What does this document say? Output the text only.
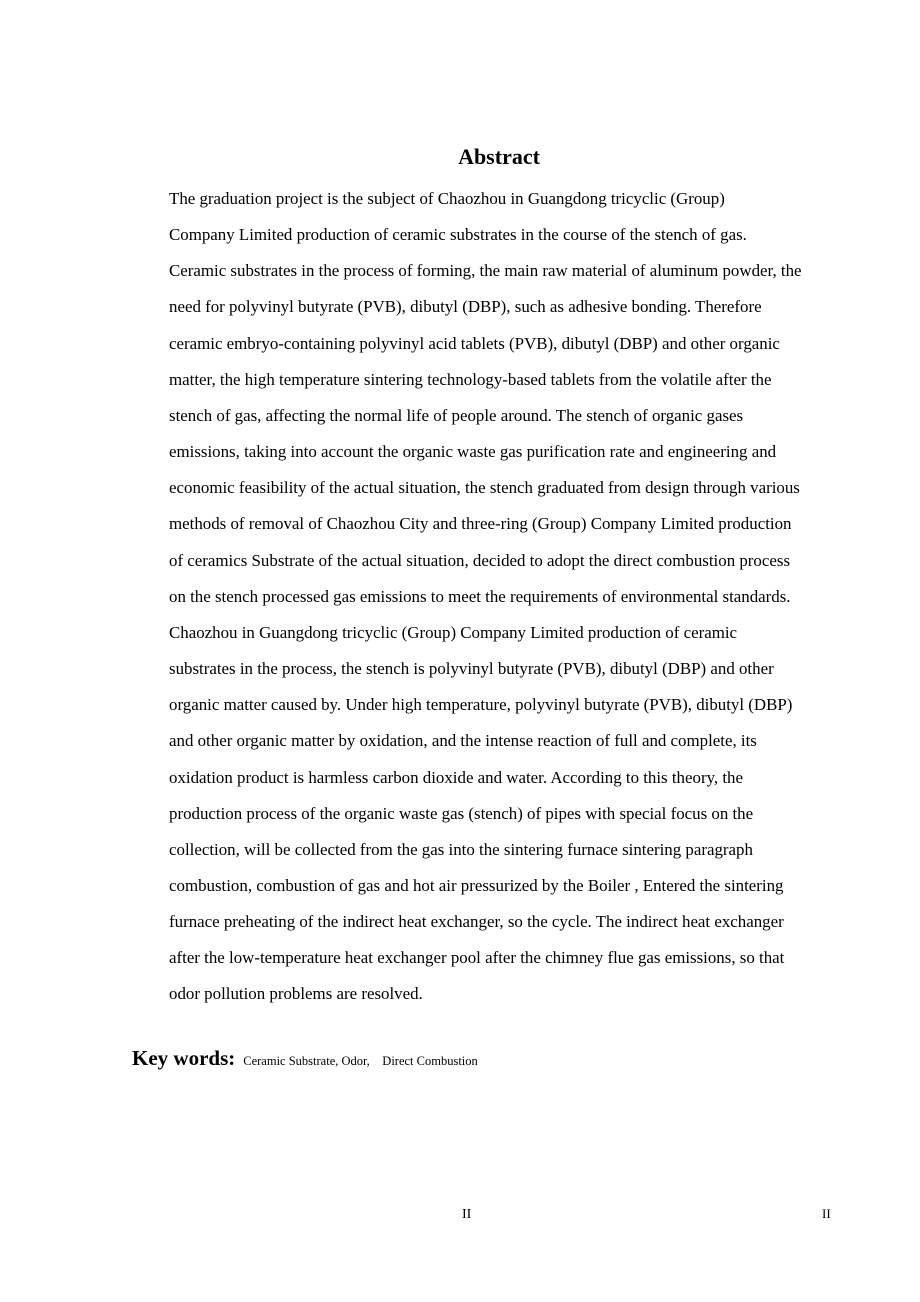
Abstract

The graduation project is the subject of Chaozhou in Guangdong tricyclic (Group)
Company Limited production of ceramic substrates in the course of the stench of gas.
Ceramic substrates in the process of forming, the main raw material of aluminum powder, the
need for polyvinyl butyrate (PVB), dibutyl (DBP), such as adhesive bonding. Therefore
ceramic embryo-containing polyvinyl acid tablets (PVB), dibutyl (DBP) and other organic
matter, the high temperature sintering technology-based tablets from the volatile after the
stench of gas, affecting the normal life of people around. The stench of organic gases
emissions, taking into account the organic waste gas purification rate and engineering and
economic feasibility of the actual situation, the stench graduated from design through various
methods of removal of Chaozhou City and three-ring (Group) Company Limited production
of ceramics Substrate of the actual situation, decided to adopt the direct combustion process
on the stench processed gas emissions to meet the requirements of environmental standards.

Chaozhou in Guangdong tricyclic (Group) Company Limited production of ceramic
substrates in the process, the stench is polyvinyl butyrate (PVB), dibutyl (DBP) and other
organic matter caused by. Under high temperature, polyvinyl butyrate (PVB), dibutyl (DBP)
and other organic matter by oxidation, and the intense reaction of full and complete, its
oxidation product is harmless carbon dioxide and water. According to this theory, the
production process of the organic waste gas (stench) of pipes with special focus on the
collection, will be collected from the gas into the sintering furnace sintering paragraph
combustion, combustion of gas and hot air pressurized by the Boiler , Entered the sintering
furnace preheating of the indirect heat exchanger, so the cycle. The indirect heat exchanger
after the low-temperature heat exchanger pool after the chimney flue gas emissions, so that
odor pollution problems are resolved.

Key words: Ceramic Substrate, Odor,    Direct Combustion
II	II
